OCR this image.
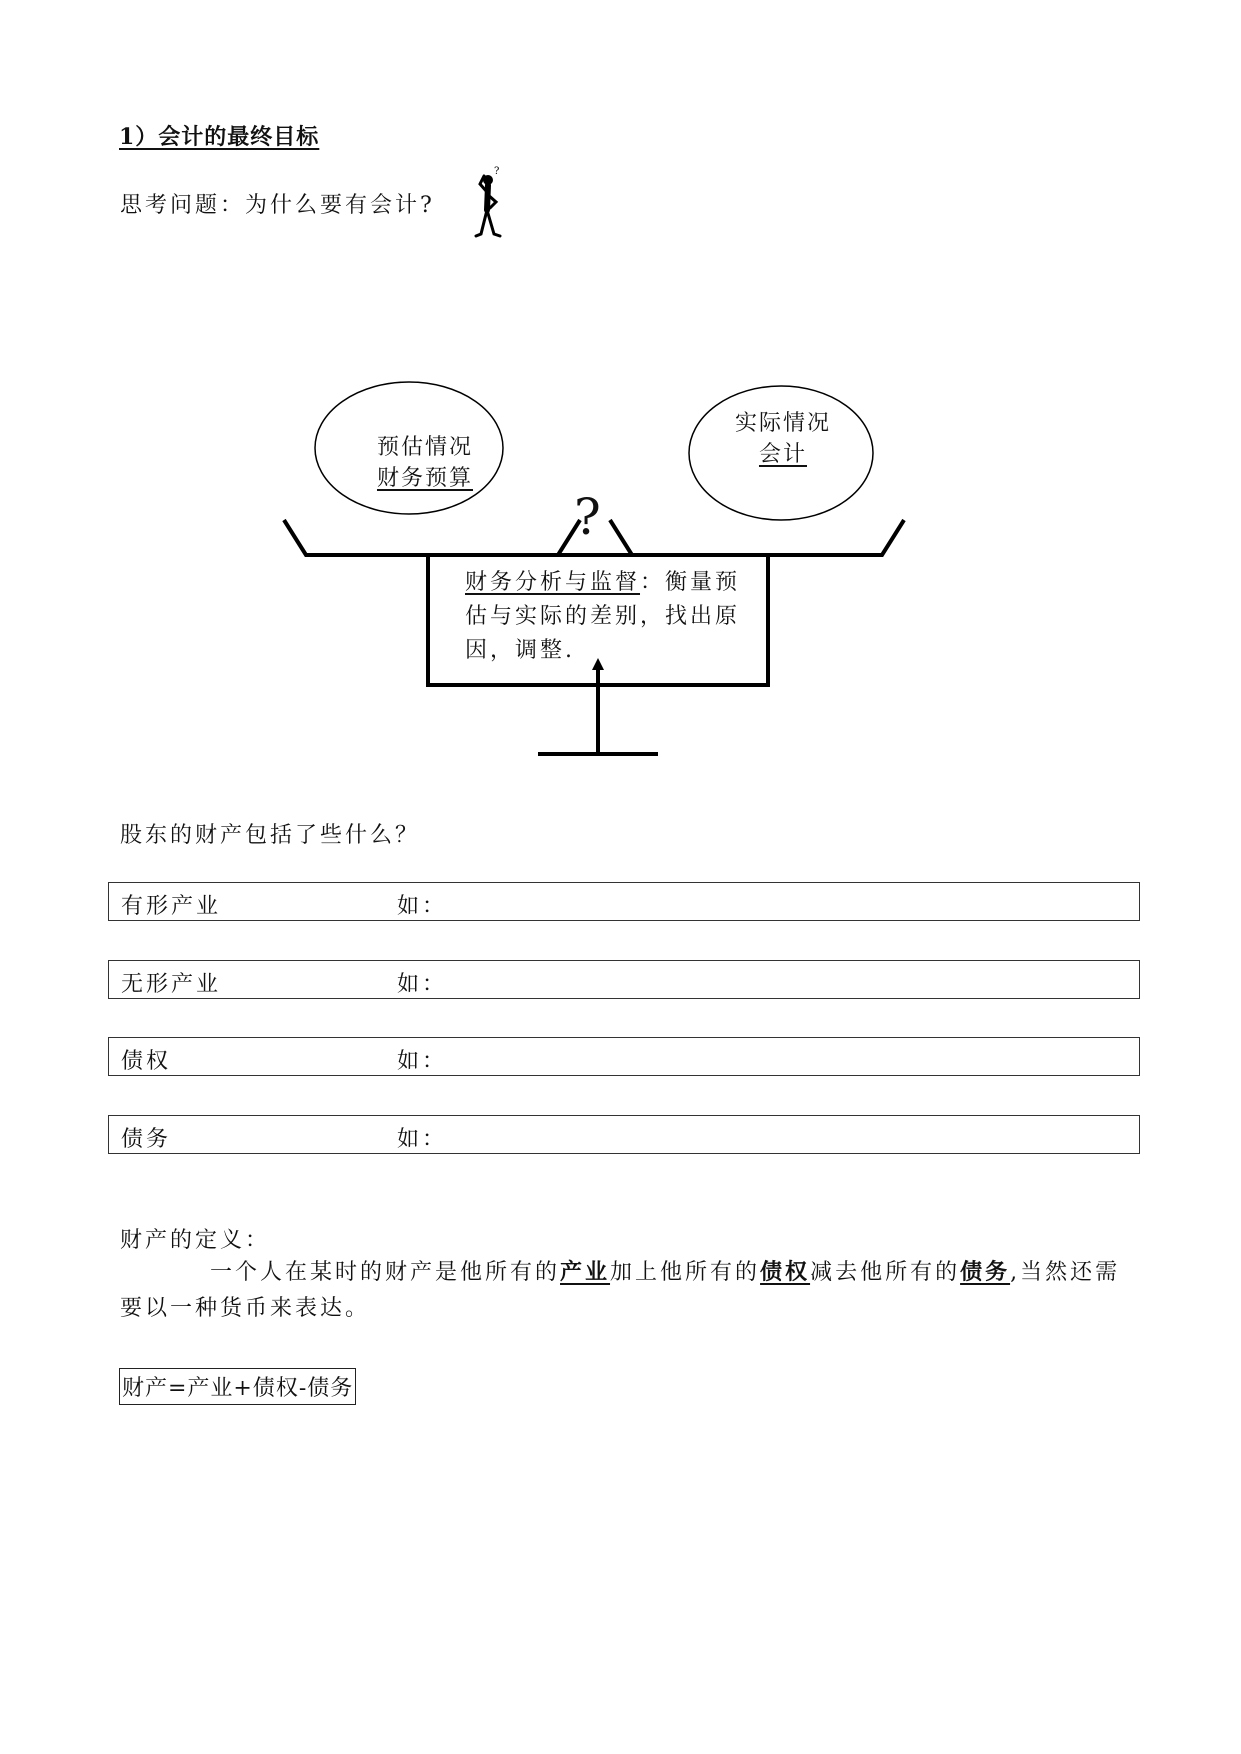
1）会计的最终目标
思考问题：为什么要有会计?
?
预估情况
财务预算
实际情况
会计
?
财务分析与监督：衡量预估与实际的差别，找出原因，调整.
股东的财产包括了些什么？
有形产业	如：
无形产业	如：
债权	如：
债务	如：
财产的定义：
一个人在某时的财产是他所有的产业加上他所有的债权减去他所有的债务,当然还需要以一种货币来表达。
财产=产业+债权-债务
